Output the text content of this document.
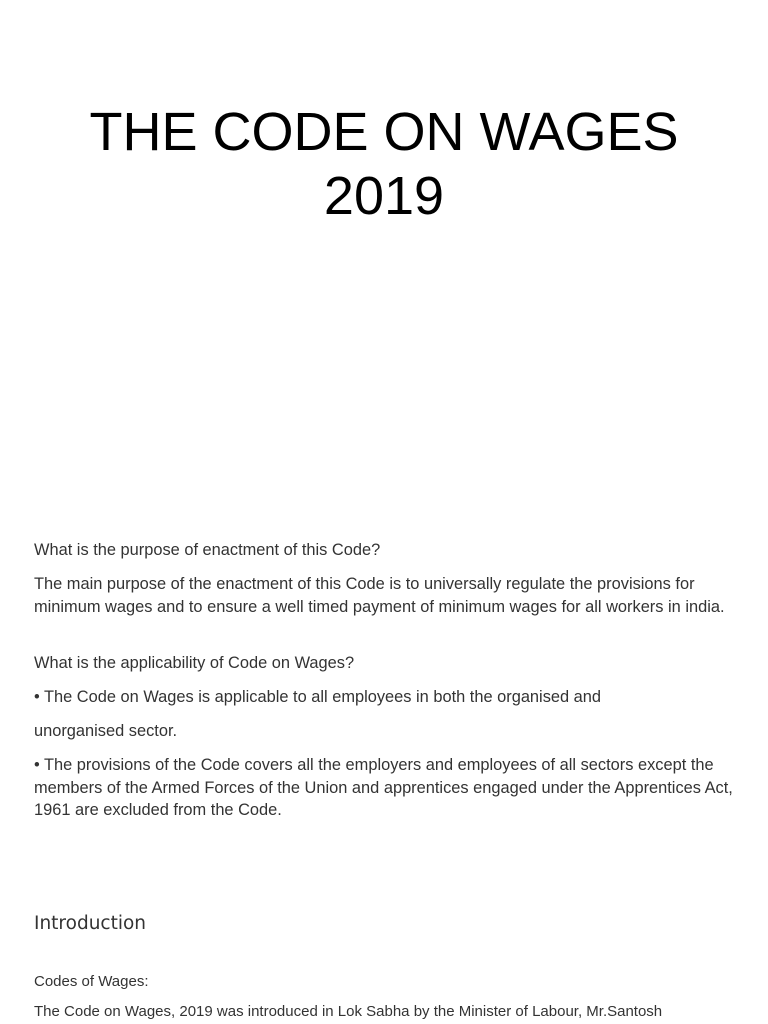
THE CODE ON WAGES
2019

What is the purpose of enactment of this Code?

The main purpose of the enactment of this Code is to universally regulate the provisions for minimum wages and to ensure a well timed payment of minimum wages for all workers in india.

What is the applicability of Code on Wages?

• The Code on Wages is applicable to all employees in both the organised and

unorganised sector.

• The provisions of the Code covers all the employers and employees of all sectors except the members of the Armed Forces of the Union and apprentices engaged under the Apprentices Act, 1961 are excluded from the Code.

Introduction

Codes of Wages:

The Code on Wages, 2019 was introduced in Lok Sabha by the Minister of Labour, Mr.Santosh
